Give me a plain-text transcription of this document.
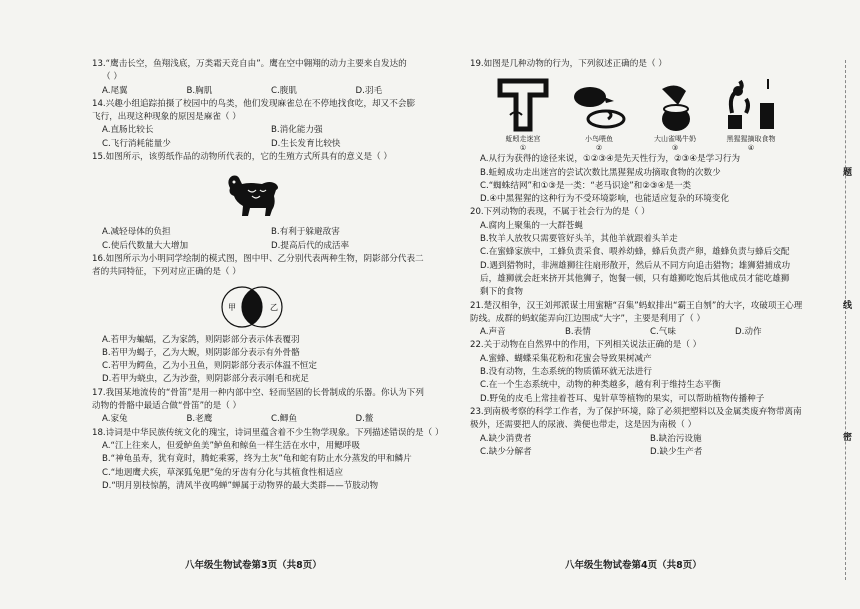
13.“鹰击长空，鱼翔浅底，万类霜天竞自由”。鹰在空中翱翔的动力主要来自发达的

（ ）

A.尾翼	B.胸肌	C.腹肌	D.羽毛

14.兴趣小组追踪拍摄了校园中的鸟类，他们发现麻雀总在不停地找食吃，却又不会膨

飞行，出现这种现象的原因是麻雀（ ）

A.直肠比较长	B.消化能力强
C.飞行消耗能量少	D.生长发育比较快

15.如图所示，该剪纸作品的动物所代表的，它的生殖方式所具有的意义是（ ）

A.减轻母体的负担	B.有利于躲避敌害
C.使后代数量大大增加	D.提高后代的成活率

16.如图所示为小明同学绘制的模式图，图中甲、乙分别代表两种生物，阴影部分代表二

者的共同特征，下列对应正确的是（ ）

甲	乙

A.若甲为蝙蝠，乙为家鸽，则阴影部分表示体表覆羽

B.若甲为蝎子，乙为大鲵，则阴影部分表示有外骨骼

C.若甲为鳄鱼，乙为小丑鱼，则阴影部分表示体温不恒定

D.若甲为蛲虫，乙为沙蚕，则阴影部分表示刚毛和疣足

17.我国某地流传的“骨笛”是用一种内部中空、轻而坚固的长骨制成的乐器。你认为下列

动物的骨骼中最适合做“骨笛”的是（ ）

A.家兔	B.老鹰	C.鲫鱼	D.鳖

18.诗词是中华民族传统文化的瑰宝，诗词里蕴含着不少生物学现象。下列描述错误的是（ ）

A.“江上往来人，但爱鲈鱼美”鲈鱼和鲸鱼一样生活在水中，用鳃呼吸

B.“神龟虽寿，犹有竟时，腾蛇乘雾，终为土灰”龟和蛇有防止水分蒸发的甲和鳞片

C.“地迥鹰犬疾，草深狐兔肥”兔的牙齿有分化与其植食性相适应

D.“明月别枝惊鹊，清风半夜鸣蝉”蝉属于动物界的最大类群——节肢动物

八年级生物试卷第3页（共8页）

19.如图是几种动物的行为，下列叙述正确的是（ ）

蚯蚓走迷宫
①
小鸟喂鱼
②
大山雀喝牛奶
③
黑猩猩摘取食物
④

A.从行为获得的途径来说，①②③④是先天性行为，②③④是学习行为

B.蚯蚓成功走出迷宫的尝试次数比黑猩猩成功摘取食物的次数少

C.“蜘蛛结网”和①③是一类：“老马识途”和②③④是一类

D.④中黑猩猩的这种行为不受环境影响，也能适应复杂的环境变化

20.下列动物的表现，不属于社会行为的是（ ）

A.腐肉上聚集的一大群苍蝇

B.牧羊人放牧只需要管好头羊，其他羊就跟着头羊走

C.在蜜蜂家族中，工蜂负责采食、喂养幼蜂，蜂后负责产卵，雄蜂负责与蜂后交配

D.遇到猎物时，非洲雄狮往往扇形散开，然后从不同方向追击猎物；雄狮猎捕成功

后，雄狮就会赶来挤开其他狮子，饱餐一顿，只有雄狮吃饱后其他成员才能吃雄狮

剩下的食物

21.楚汉相争，汉王刘邦派谋士用蜜糖“召集”蚂蚁排出“霸王自刎”的大字，攻破项王心理

防线。成群的蚂蚁能弄向江边围成“大字”，主要是利用了（ ）

A.声音	B.表情	C.气味	D.动作

22.关于动物在自然界中的作用，下列相关说法正确的是（ ）

A.蜜蜂、蝴蝶采集花粉和花蜜会导致果树减产

B.没有动物，生态系统的物质循环就无法进行

C.在一个生态系统中，动物的种类越多，越有利于维持生态平衡

D.野兔的皮毛上常挂着苍耳、鬼针草等植物的果实，可以帮助植物传播种子

23.到南极考察的科学工作者，为了保护环境，除了必须把塑料以及金属类废弃物带离南

极外，还需要把人的尿液、粪便也带走，这是因为南极（ ）

A.缺少消费者	B.缺治污设施
C.缺少分解者	D.缺少生产者
八年级生物试卷第4页（共8页）
题
线
密
